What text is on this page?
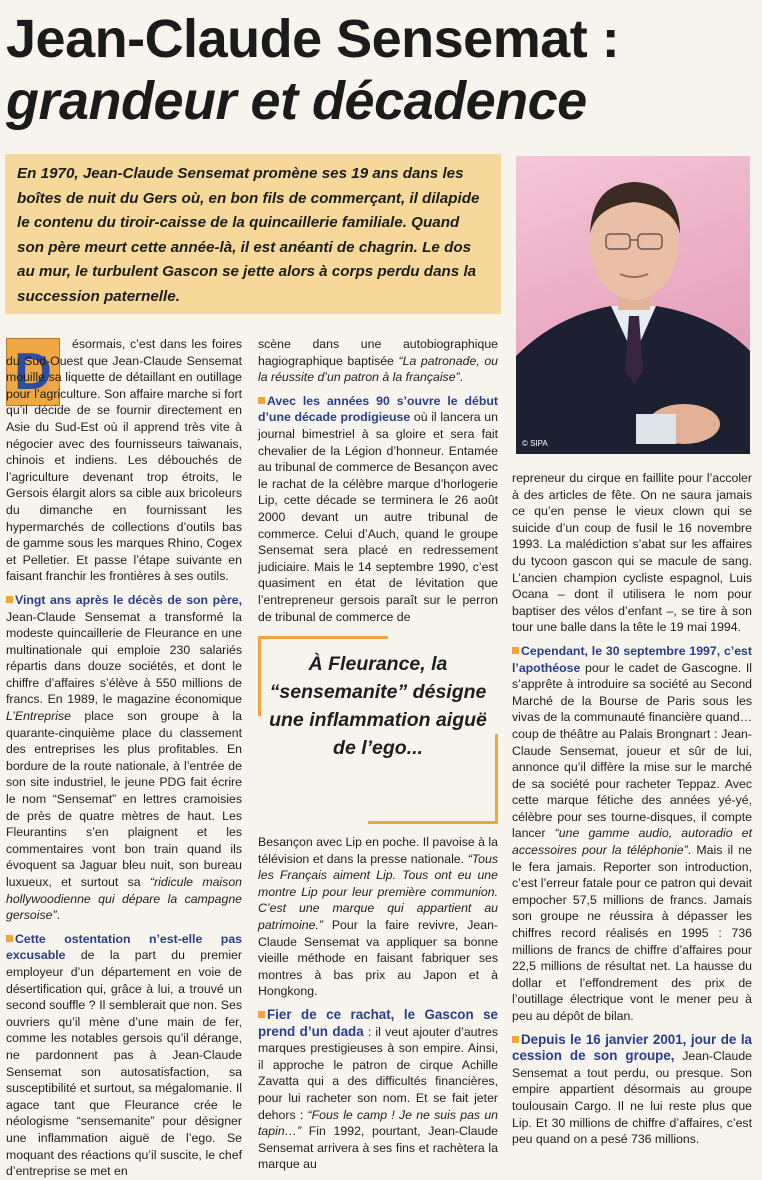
Jean-Claude Sensemat :
grandeur et décadence
En 1970, Jean-Claude Sensemat promène ses 19 ans dans les boîtes de nuit du Gers où, en bon fils de commerçant, il dilapide le contenu du tiroir-caisse de la quincaillerie familiale. Quand son père meurt cette année-là, il est anéanti de chagrin. Le dos au mur, le turbulent Gascon se jette alors à corps perdu dans la succession paternelle.
© SIPA
D	ésormais, c’est dans les foires du Sud-Ouest que Jean-Claude Sensemat mouille sa liquette de détaillant en outillage pour l’agriculture. Son affaire marche si fort qu’il décide de se fournir directement en Asie du Sud-Est où il apprend très vite à négocier avec des fournisseurs taiwanais, chinois et indiens. Les débouchés de l’agriculture devenant trop étroits, le Gersois élargit alors sa cible aux bricoleurs du dimanche en fournissant les hypermarchés de collections d’outils bas de gamme sous les marques Rhino, Cogex et Pelletier. Et passe l’étape suivante en faisant franchir les frontières à ses outils.

Vingt ans après le décès de son père, Jean-Claude Sensemat a transformé la modeste quincaillerie de Fleurance en une multinationale qui emploie 230 salariés répartis dans douze sociétés, et dont le chiffre d’affaires s’élève à 550 millions de francs. En 1989, le magazine économique L’Entreprise place son groupe à la quarante-cinquième place du classement des entreprises les plus profitables. En bordure de la route nationale, à l’entrée de son site industriel, le jeune PDG fait écrire le nom “Sensemat” en lettres cramoisies de près de quatre mètres de haut. Les Fleurantins s’en plaignent et les commentaires vont bon train quand ils évoquent sa Jaguar bleu nuit, son bureau luxueux, et surtout sa “ridicule maison hollywoodienne qui dépare la campagne gersoise”.

Cette ostentation n’est-elle pas excusable de la part du premier employeur d’un département en voie de désertification qui, grâce à lui, a trouvé un second souffle ? Il semblerait que non. Ses ouvriers qu’il mène d’une main de fer, comme les notables gersois qu’il dérange, ne pardonnent pas à Jean-Claude Sensemat son autosatisfaction, sa susceptibilité et surtout, sa mégalomanie. Il agace tant que Fleurance crée le néologisme “sensemanite” pour désigner une inflammation aiguë de l’ego. Se moquant des réactions qu’il suscite, le chef d’entreprise se met en

scène dans une autobiographique hagiographique baptisée “La patronade, ou la réussite d’un patron à la française”.

Avec les années 90 s’ouvre le début d’une décade prodigieuse où il lancera un journal bimestriel à sa gloire et sera fait chevalier de la Légion d’honneur. Entamée au tribunal de commerce de Besançon avec le rachat de la célèbre marque d’horlogerie Lip, cette décade se terminera le 26 août 2000 devant un autre tribunal de commerce. Celui d’Auch, quand le groupe Sensemat sera placé en redressement judiciaire. Mais le 14 septembre 1990, c’est quasiment en état de lévitation que l’entrepreneur gersois paraît sur le perron de tribunal de commerce de

À Fleurance, la “sensemanite” désigne une inflammation aiguë de l’ego...

Besançon avec Lip en poche. Il pavoise à la télévision et dans la presse nationale. “Tous les Français aiment Lip. Tous ont eu une montre Lip pour leur première communion. C’est une marque qui appartient au patrimoine.” Pour la faire revivre, Jean-Claude Sensemat va appliquer sa bonne vieille méthode en faisant fabriquer ses montres à bas prix au Japon et à Hongkong.

Fier de ce rachat, le Gascon se prend d’un dada : il veut ajouter d’autres marques prestigieuses à son empire. Ainsi, il approche le patron de cirque Achille Zavatta qui a des difficultés financières, pour lui racheter son nom. Et se fait jeter dehors : “Fous le camp ! Je ne suis pas un tapin…” Fin 1992, pourtant, Jean-Claude Sensemat arrivera à ses fins et rachètera la marque au

repreneur du cirque en faillite pour l’accoler à des articles de fête. On ne saura jamais ce qu’en pense le vieux clown qui se suicide d’un coup de fusil le 16 novembre 1993. La malédiction s’abat sur les affaires du tycoon gascon qui se macule de sang. L’ancien champion cycliste espagnol, Luis Ocana – dont il utilisera le nom pour baptiser des vélos d’enfant –, se tire à son tour une balle dans la tête le 19 mai 1994.

Cependant, le 30 septembre 1997, c’est l’apothéose pour le cadet de Gascogne. Il s’apprête à introduire sa société au Second Marché de la Bourse de Paris sous les vivas de la communauté financière quand… coup de théâtre au Palais Brongnart : Jean-Claude Sensemat, joueur et sûr de lui, annonce qu’il diffère la mise sur le marché de sa société pour racheter Teppaz. Avec cette marque fétiche des années yé-yé, célèbre pour ses tourne-disques, il compte lancer “une gamme audio, autoradio et accessoires pour la téléphonie”. Mais il ne le fera jamais. Reporter son introduction, c’est l’erreur fatale pour ce patron qui devait empocher 57,5 millions de francs. Jamais son groupe ne réussira à dépasser les chiffres record réalisés en 1995 : 736 millions de francs de chiffre d’affaires pour 22,5 millions de résultat net. La hausse du dollar et l’effondrement des prix de l’outillage électrique vont le mener peu à peu au dépôt de bilan.

Depuis le 16 janvier 2001, jour de la cession de son groupe, Jean-Claude Sensemat a tout perdu, ou presque. Son empire appartient désormais au groupe toulousain Cargo. Il ne lui reste plus que Lip. Et 30 millions de chiffre d’affaires, c’est peu quand on a pesé 736 millions.
